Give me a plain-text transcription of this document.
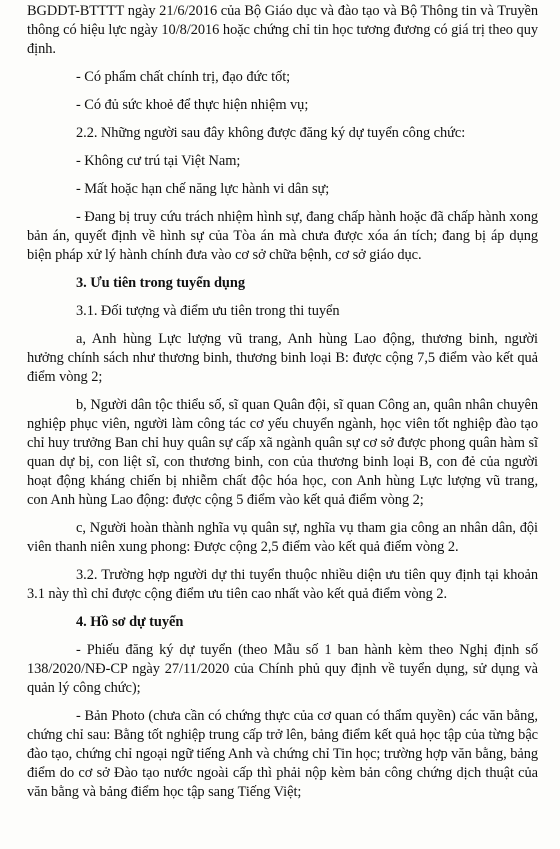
BGDDT-BTTTT ngày 21/6/2016 của Bộ Giáo dục và đào tạo và Bộ Thông tin và Truyền thông có hiệu lực ngày 10/8/2016 hoặc chứng chỉ tin học tương đương có giá trị theo quy định.

- Có phẩm chất chính trị, đạo đức tốt;

- Có đủ sức khoẻ để thực hiện nhiệm vụ;

2.2. Những người sau đây không được đăng ký dự tuyển công chức:

- Không cư trú tại Việt Nam;

- Mất hoặc hạn chế năng lực hành vi dân sự;

- Đang bị truy cứu trách nhiệm hình sự, đang chấp hành hoặc đã chấp hành xong bản án, quyết định về hình sự của Tòa án mà chưa được xóa án tích; đang bị áp dụng biện pháp xử lý hành chính đưa vào cơ sở chữa bệnh, cơ sở giáo dục.

3. Ưu tiên trong tuyển dụng

3.1. Đối tượng và điểm ưu tiên trong thi tuyển

a, Anh hùng Lực lượng vũ trang, Anh hùng Lao động, thương binh, người hưởng chính sách như thương binh, thương binh loại B: được cộng 7,5 điểm vào kết quả điểm vòng 2;

b, Người dân tộc thiểu số, sĩ quan Quân đội, sĩ quan Công an, quân nhân chuyên nghiệp phục viên, người làm công tác cơ yếu chuyển ngành, học viên tốt nghiệp đào tạo chỉ huy trưởng Ban chỉ huy quân sự cấp xã ngành quân sự cơ sở được phong quân hàm sĩ quan dự bị, con liệt sĩ, con thương binh, con của thương binh loại B, con đẻ của người hoạt động kháng chiến bị nhiễm chất độc hóa học, con Anh hùng Lực lượng vũ trang, con Anh hùng Lao động: được cộng 5 điểm vào kết quả điểm vòng 2;

c, Người hoàn thành nghĩa vụ quân sự, nghĩa vụ tham gia công an nhân dân, đội viên thanh niên xung phong: Được cộng 2,5 điểm vào kết quả điểm vòng 2.

3.2. Trường hợp người dự thi tuyển thuộc nhiều diện ưu tiên quy định tại khoản 3.1 này thì chỉ được cộng điểm ưu tiên cao nhất vào kết quả điểm vòng 2.

4. Hồ sơ dự tuyển

- Phiếu đăng ký dự tuyển (theo Mẫu số 1 ban hành kèm theo Nghị định số 138/2020/NĐ-CP ngày 27/11/2020 của Chính phủ quy định về tuyển dụng, sử dụng và quản lý công chức);

- Bản Photo (chưa cần có chứng thực của cơ quan có thẩm quyền) các văn bằng, chứng chỉ sau: Bằng tốt nghiệp trung cấp trở lên, bảng điểm kết quả học tập của từng bậc đào tạo, chứng chỉ ngoại ngữ tiếng Anh và chứng chỉ Tin học; trường hợp văn bằng, bảng điểm do cơ sở Đào tạo nước ngoài cấp thì phải nộp kèm bản công chứng dịch thuật của văn bằng và bảng điểm học tập sang Tiếng Việt;
